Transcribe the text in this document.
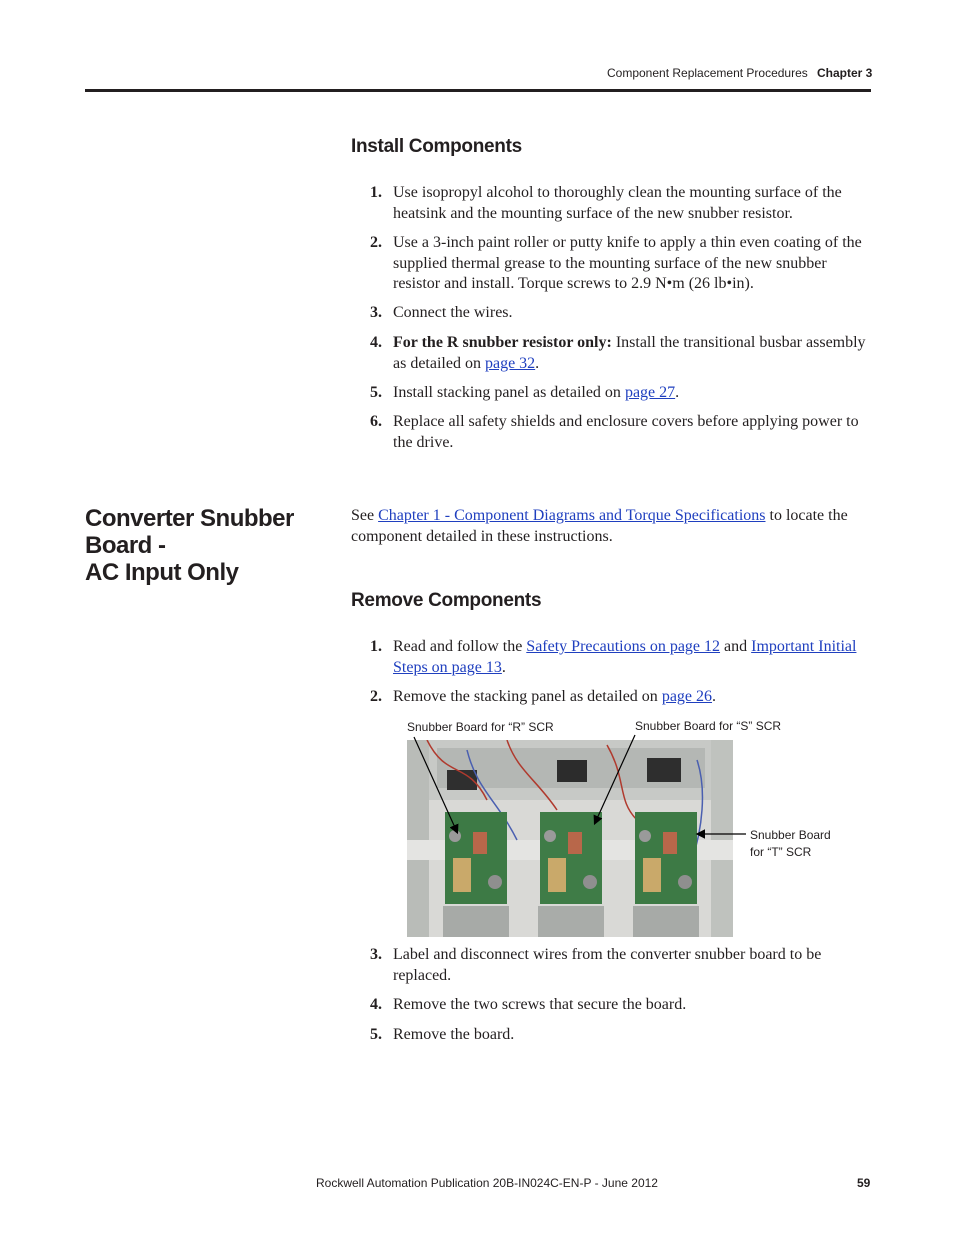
Component Replacement Procedures Chapter 3
Install Components
1. Use isopropyl alcohol to thoroughly clean the mounting surface of the heatsink and the mounting surface of the new snubber resistor.
2. Use a 3-inch paint roller or putty knife to apply a thin even coating of the supplied thermal grease to the mounting surface of the new snubber resistor and install. Torque screws to 2.9 N•m (26 lb•in).
3. Connect the wires.
4. For the R snubber resistor only: Install the transitional busbar assembly as detailed on page 32.
5. Install stacking panel as detailed on page 27.
6. Replace all safety shields and enclosure covers before applying power to the drive.
Converter Snubber Board -
AC Input Only
See Chapter 1 - Component Diagrams and Torque Specifications to locate the component detailed in these instructions.
Remove Components
1. Read and follow the Safety Precautions on page 12 and Important Initial Steps on page 13.
2. Remove the stacking panel as detailed on page 26.
Snubber Board for “R” SCR	Snubber Board for “S” SCR
Snubber Board
for “T” SCR
3. Label and disconnect wires from the converter snubber board to be replaced.
4. Remove the two screws that secure the board.
5. Remove the board.
Rockwell Automation Publication 20B-IN024C-EN-P - June 2012	59
